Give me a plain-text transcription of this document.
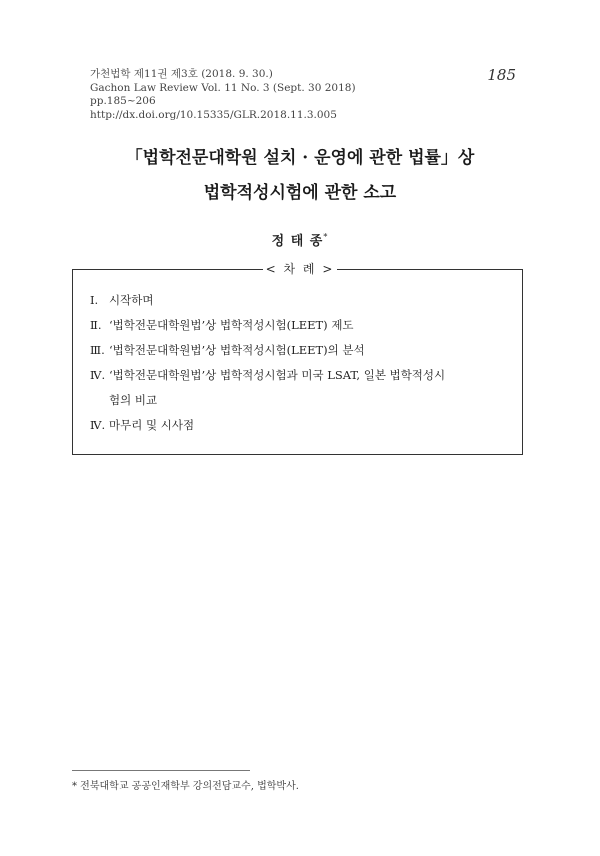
가천법학 제11권 제3호 (2018. 9. 30.)
Gachon Law Review Vol. 11 No. 3 (Sept. 30 2018)
pp.185~206
http://dx.doi.org/10.15335/GLR.2018.11.3.005
185
「법학전문대학원 설치 · 운영에 관한 법률」상
법학적성시험에 관한 소고
정 태 종*
< 차 례 >
Ⅰ. 시작하며
Ⅱ. ‘법학전문대학원법’상 법학적성시험(LEET) 제도
Ⅲ. ‘법학전문대학원법’상 법학적성시험(LEET)의 분석
Ⅳ. ‘법학전문대학원법’상 법학적성시험과 미국 LSAT, 일본 법학적성시
험의 비교
Ⅳ. 마무리 및 시사점
* 전북대학교 공공인재학부 강의전담교수, 법학박사.
